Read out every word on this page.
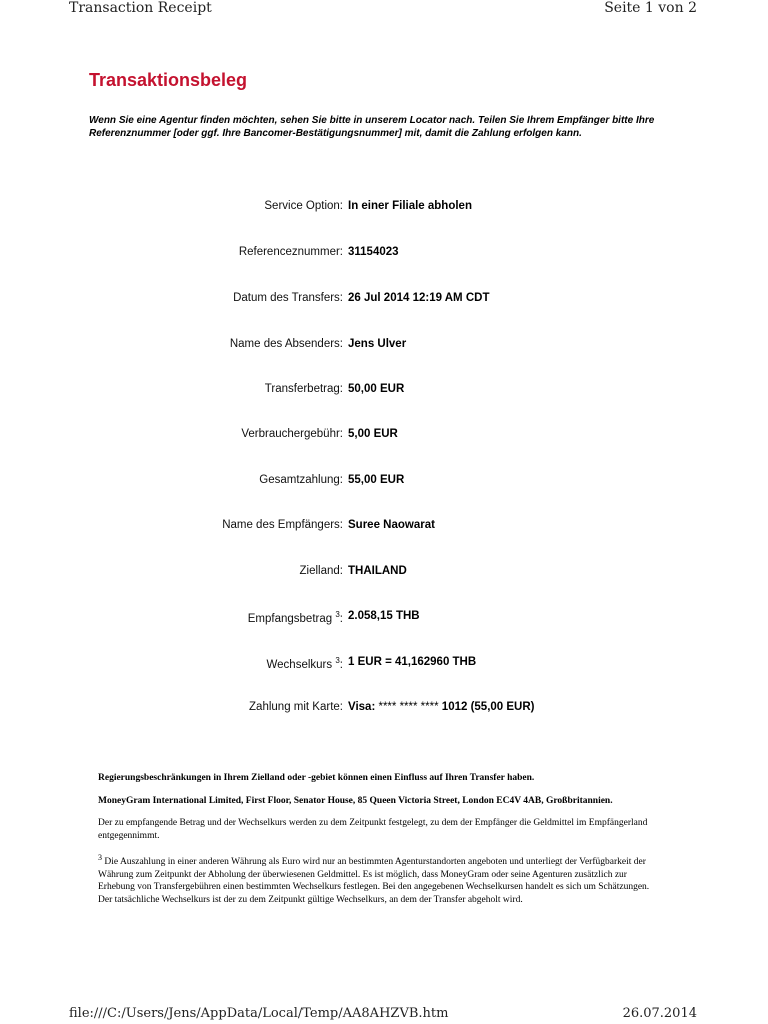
Transaction Receipt	Seite 1 von 2
Transaktionsbeleg
Wenn Sie eine Agentur finden möchten, sehen Sie bitte in unserem Locator nach. Teilen Sie Ihrem Empfänger bitte Ihre Referenznummer [oder ggf. Ihre Bancomer-Bestätigungsnummer] mit, damit die Zahlung erfolgen kann.
Service Option: In einer Filiale abholen
Referenceznummer: 31154023
Datum des Transfers: 26 Jul 2014 12:19 AM CDT
Name des Absenders: Jens Ulver
Transferbetrag: 50,00 EUR
Verbrauchergebühr: 5,00 EUR
Gesamtzahlung: 55,00 EUR
Name des Empfängers: Suree Naowarat
Zielland: THAILAND
Empfangsbetrag $^3$: 2.058,15 THB
Wechselkurs $^3$: 1 EUR = 41,162960 THB
Zahlung mit Karte: Visa: **** **** **** 1012 (55,00 EUR)

Regierungsbeschränkungen in Ihrem Zielland oder -gebiet können einen Einfluss auf Ihren Transfer haben.

MoneyGram International Limited, First Floor, Senator House, 85 Queen Victoria Street, London EC4V 4AB, Großbritannien.

Der zu empfangende Betrag und der Wechselkurs werden zu dem Zeitpunkt festgelegt, zu dem der Empfänger die Geldmittel im Empfängerland entgegennimmt.

$^3$ Die Auszahlung in einer anderen Währung als Euro wird nur an bestimmten Agenturstandorten angeboten und unterliegt der Verfügbarkeit der Währung zum Zeitpunkt der Abholung der überwiesenen Geldmittel. Es ist möglich, dass MoneyGram oder seine Agenturen zusätzlich zur Erhebung von Transfergebühren einen bestimmten Wechselkurs festlegen. Bei den angegebenen Wechselkursen handelt es sich um Schätzungen. Der tatsächliche Wechselkurs ist der zu dem Zeitpunkt gültige Wechselkurs, an dem der Transfer abgeholt wird.

file:///C:/Users/Jens/AppData/Local/Temp/AA8AHZVB.htm	26.07.2014
